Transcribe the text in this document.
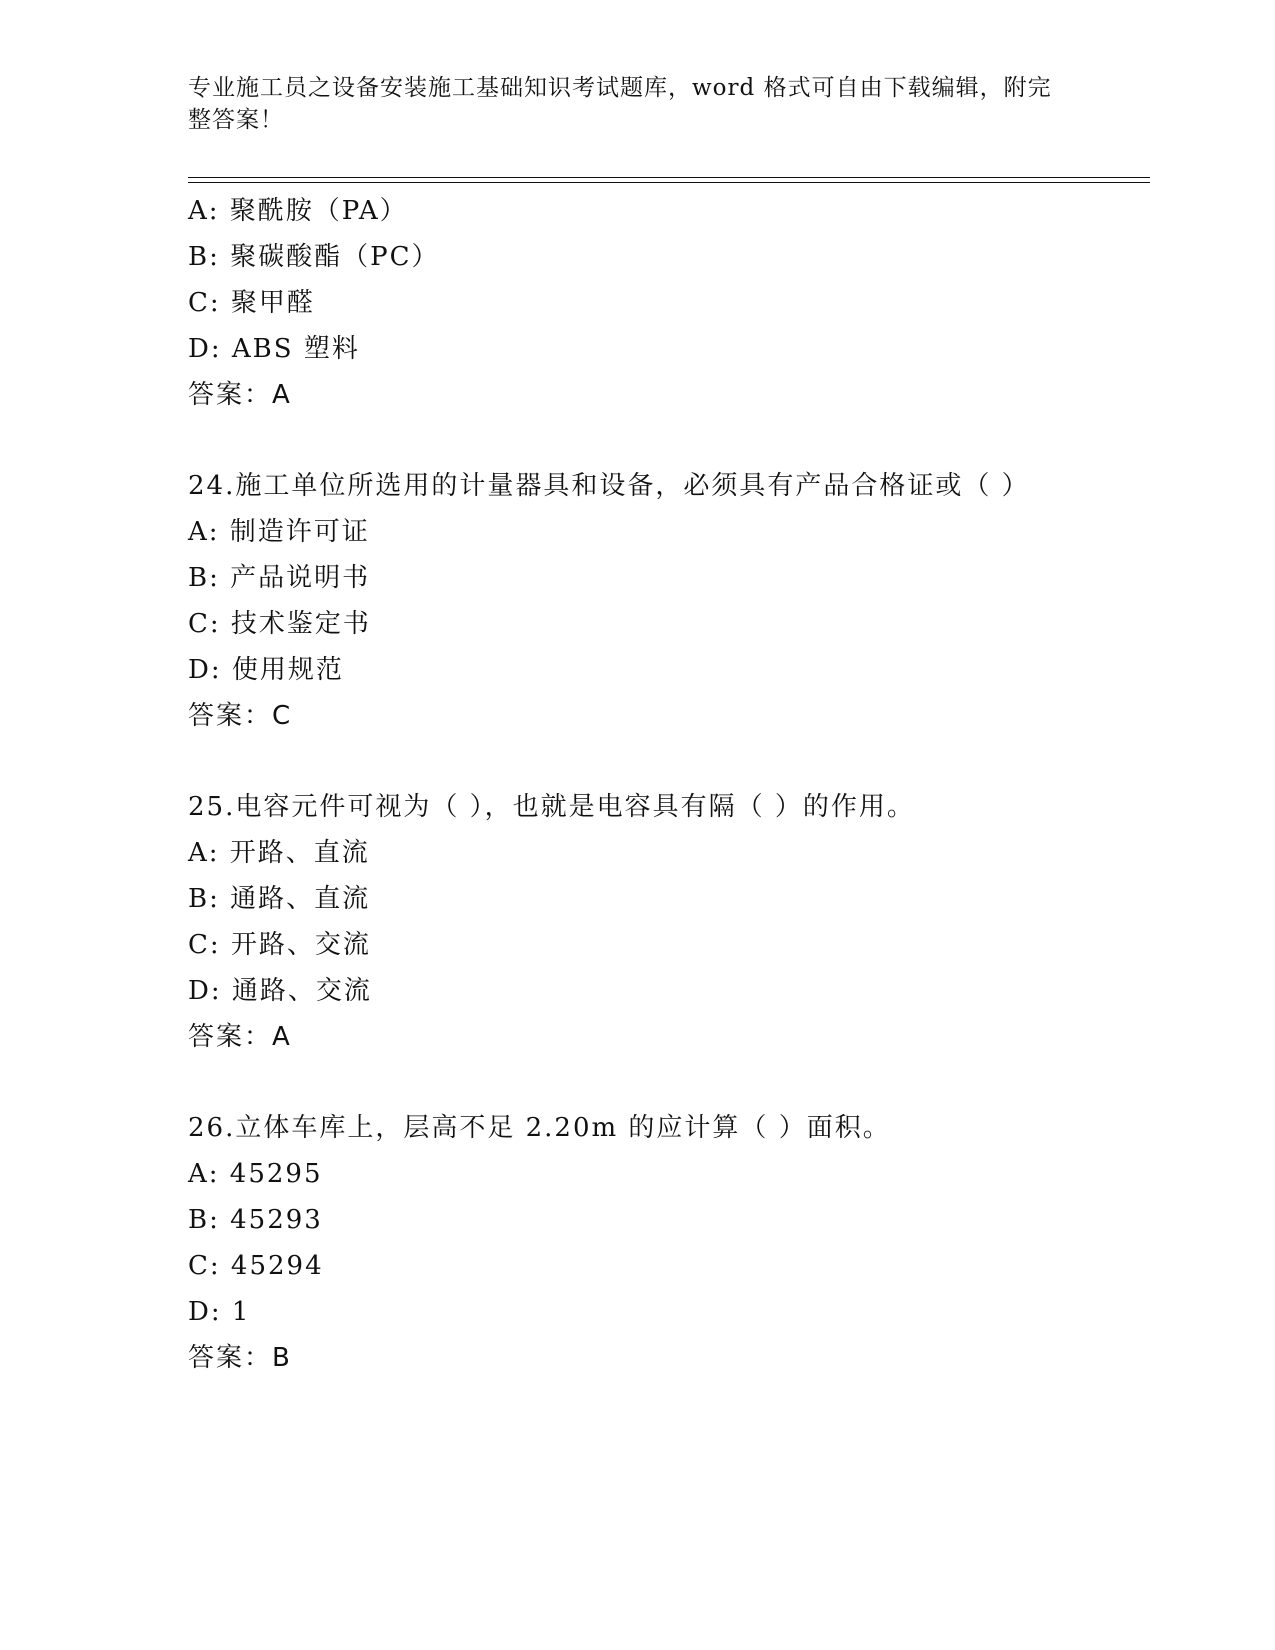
专业施工员之设备安装施工基础知识考试题库，word 格式可自由下载编辑，附完
整答案！
A: 聚酰胺（PA）
B: 聚碳酸酯（PC）
C: 聚甲醛
D: ABS 塑料
答案：A
24.施工单位所选用的计量器具和设备，必须具有产品合格证或（ ）
A: 制造许可证
B: 产品说明书
C: 技术鉴定书
D: 使用规范
答案：C
25.电容元件可视为（ ），也就是电容具有隔（ ）的作用。
A: 开路、直流
B: 通路、直流
C: 开路、交流
D: 通路、交流
答案：A
26.立体车库上，层高不足 2.20m 的应计算（ ）面积。
A: 45295
B: 45293
C: 45294
D: 1
答案：B
